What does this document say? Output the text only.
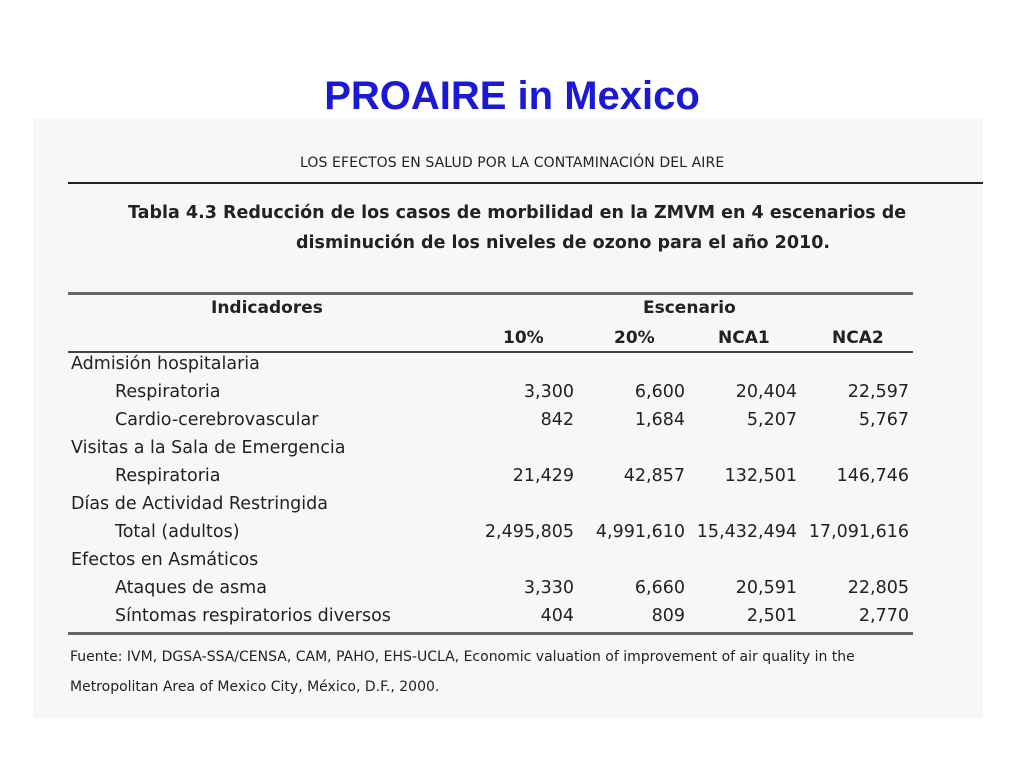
PROAIRE in Mexico
LOS EFECTOS EN SALUD POR LA CONTAMINACIÓN DEL AIRE
Tabla 4.3 Reducción de los casos de morbilidad en la ZMVM en 4 escenarios de
disminución de los niveles de ozono para el año 2010.
Indicadores	Escenario
10%	20%	NCA1	NCA2
Admisión hospitalaria
Respiratoria	3,300	6,600	20,404	22,597
Cardio-cerebrovascular	842	1,684	5,207	5,767
Visitas a la Sala de Emergencia
Respiratoria	21,429	42,857 132,501 146,746
Días de Actividad Restringida
Total (adultos)	2,495,805 4,991,610 15,432,494 17,091,616
Efectos en Asmáticos
Ataques de asma	3,330	6,660	20,591	22,805
Síntomas respiratorios diversos	404	809	2,501	2,770
Fuente: IVM, DGSA-SSA/CENSA, CAM, PAHO, EHS-UCLA, Economic valuation of improvement of air quality in the
Metropolitan Area of Mexico City, México, D.F., 2000.
